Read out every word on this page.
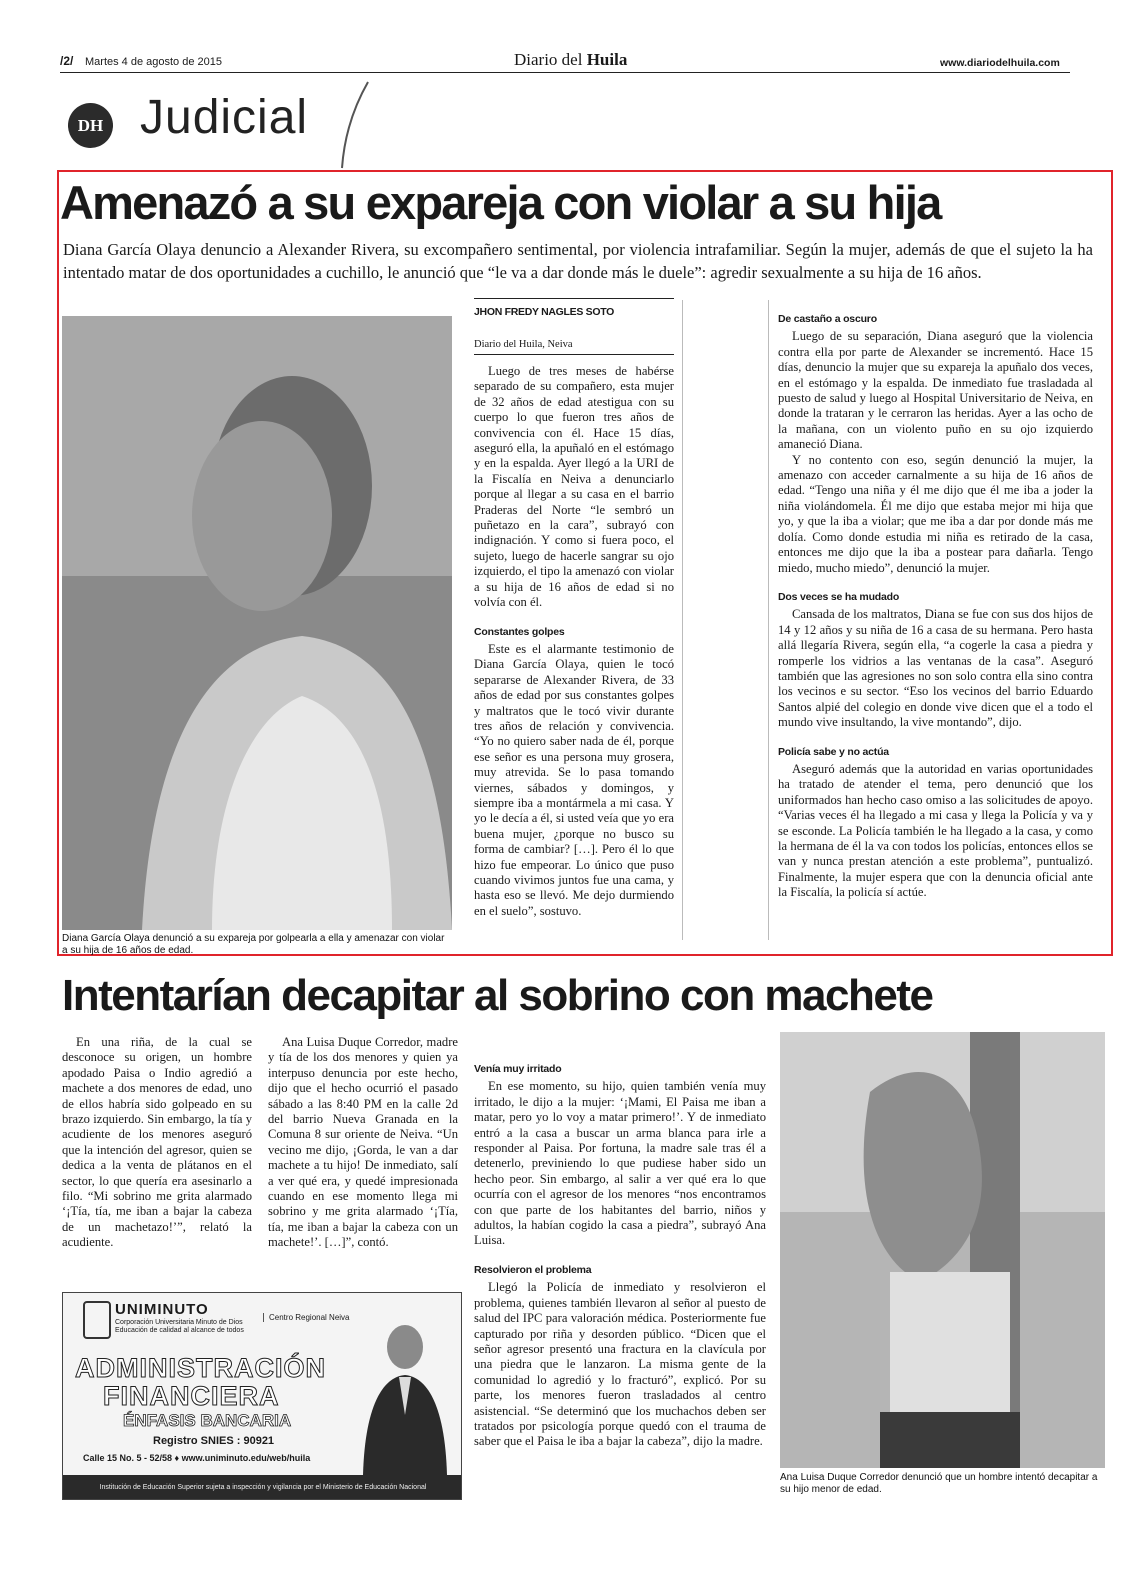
/2/ Martes 4 de agosto de 2015	Diario del Huila	www.diariodelhuila.com
DH Judicial
Amenazó a su expareja con violar a su hija
Diana García Olaya denuncio a Alexander Rivera, su excompañero sentimental, por violencia intrafamiliar. Según la mujer, además de que el sujeto la ha intentado matar de dos oportunidades a cuchillo, le anunció que “le va a dar donde más le duele”: agredir sexualmente a su hija de 16 años.
Diana García Olaya denunció a su expareja por golpearla a ella y amenazar con violar a su hija de 16 años de edad.
JHON FREDY NAGLES SOTO
Diario del Huila, Neiva

Luego de tres meses de habérse separado de su compañero, esta mujer de 32 años de edad atestigua con su cuerpo lo que fueron tres años de convivencia con él. Hace 15 días, aseguró ella, la apuñaló en el estómago y en la espalda. Ayer llegó a la URI de la Fiscalía en Neiva a denunciarlo porque al llegar a su casa en el barrio Praderas del Norte “le sembró un puñetazo en la cara”, subrayó con indignación. Y como si fuera poco, el sujeto, luego de hacerle sangrar su ojo izquierdo, el tipo la amenazó con violar a su hija de 16 años de edad si no volvía con él.

Constantes golpes

Este es el alarmante testimonio de Diana García Olaya, quien le tocó separarse de Alexander Rivera, de 33 años de edad por sus constantes golpes y maltratos que le tocó vivir durante tres años de relación y convivencia. “Yo no quiero saber nada de él, porque ese señor es una persona muy grosera, muy atrevida. Se lo pasa tomando viernes, sábados y domingos, y siempre iba a montármela a mi casa. Y yo le decía a él, si usted veía que yo era buena mujer, ¿porque no busco su forma de cambiar? […]. Pero él lo que hizo fue empeorar. Lo único que puso cuando vivimos juntos fue una cama, y hasta eso se llevó. Me dejo durmiendo en el suelo”, sostuvo.

De castaño a oscuro

Luego de su separación, Diana aseguró que la violencia contra ella por parte de Alexander se incrementó. Hace 15 días, denuncio la mujer que su expareja la apuñalo dos veces, en el estómago y la espalda. De inmediato fue trasladada al puesto de salud y luego al Hospital Universitario de Neiva, en donde la trataran y le cerraron las heridas. Ayer a las ocho de la mañana, con un violento puño en su ojo izquierdo amaneció Diana.

Y no contento con eso, según denunció la mujer, la amenazo con acceder carnalmente a su hija de 16 años de edad. “Tengo una niña y él me dijo que él me iba a joder la niña violándomela. Él me dijo que estaba mejor mi hija que yo, y que la iba a violar; que me iba a dar por donde más me dolía. Como donde estudia mi niña es retirado de la casa, entonces me dijo que la iba a postear para dañarla. Tengo miedo, mucho miedo”, denunció la mujer.

Dos veces se ha mudado

Cansada de los maltratos, Diana se fue con sus dos hijos de 14 y 12 años y su niña de 16 a casa de su hermana. Pero hasta allá llegaría Rivera, según ella, “a cogerle la casa a piedra y romperle los vidrios a las ventanas de la casa”. Aseguró también que las agresiones no son solo contra ella sino contra los vecinos e su sector. “Eso los vecinos del barrio Eduardo Santos alpié del colegio en donde vive dicen que el a todo el mundo vive insultando, la vive montando”, dijo.

Policía sabe y no actúa

Aseguró además que la autoridad en varias oportunidades ha tratado de atender el tema, pero denunció que los uniformados han hecho caso omiso a las solicitudes de apoyo. “Varias veces él ha llegado a mi casa y llega la Policía y va y se esconde. La Policía también le ha llegado a la casa, y como la hermana de él la va con todos los policías, entonces ellos se van y nunca prestan atención a este problema”, puntualizó. Finalmente, la mujer espera que con la denuncia oficial ante la Fiscalía, la policía sí actúe.

Intentarían decapitar al sobrino con machete

En una riña, de la cual se desconoce su origen, un hombre apodado Paisa o Indio agredió a machete a dos menores de edad, uno de ellos habría sido golpeado en su brazo izquierdo. Sin embargo, la tía y acudiente de los menores aseguró que la intención del agresor, quien se dedica a la venta de plátanos en el sector, lo que quería era asesinarlo a filo. “Mi sobrino me grita alarmado ‘¡Tía, tía, me iban a bajar la cabeza de un machetazo!’”, relató la acudiente.

Ana Luisa Duque Corredor, madre y tía de los dos menores y quien ya interpuso denuncia por este hecho, dijo que el hecho ocurrió el pasado sábado a las 8:40 PM en la calle 2d del barrio Nueva Granada en la Comuna 8 sur oriente de Neiva. “Un vecino me dijo, ¡Gorda, le van a dar machete a tu hijo! De inmediato, salí a ver qué era, y quedé impresionada cuando en ese momento llega mi sobrino y me grita alarmado ‘¡Tía, tía, me iban a bajar la cabeza con un machete!’. […]”, contó.

Venía muy irritado

En ese momento, su hijo, quien también venía muy irritado, le dijo a la mujer: ‘¡Mami, El Paisa me iban a matar, pero yo lo voy a matar primero!’. Y de inmediato entró a la casa a buscar un arma blanca para irle a responder al Paisa. Por fortuna, la madre sale tras él a detenerlo, previniendo lo que pudiese haber sido un hecho peor. Sin embargo, al salir a ver qué era lo que ocurría con el agresor de los menores “nos encontramos con que parte de los habitantes del barrio, niños y adultos, la habían cogido la casa a piedra”, subrayó Ana Luisa.

Resolvieron el problema

Llegó la Policía de inmediato y resolvieron el problema, quienes también llevaron al señor al puesto de salud del IPC para valoración médica. Posteriormente fue capturado por riña y desorden público. “Dicen que el señor agresor presentó una fractura en la clavícula por una piedra que le lanzaron. La misma gente de la comunidad lo agredió y lo fracturó”, explicó. Por su parte, los menores fueron trasladados al centro asistencial. “Se determinó que los muchachos deben ser tratados por psicología porque quedó con el trauma de saber que el Paisa le iba a bajar la cabeza”, dijo la madre.

Ana Luisa Duque Corredor denunció que un hombre intentó decapitar a su hijo menor de edad.
UNIMINUTO
Corporación Universitaria Minuto de Dios
Educación de calidad al alcance de todos
Centro Regional Neiva
ADMINISTRACIÓN
FINANCIERA
ÉNFASIS BANCARIA
Registro SNIES : 90921
Calle 15 No. 5 - 52/58 ♦ www.uniminuto.edu/web/huila
Institución de Educación Superior sujeta a inspección y vigilancia por el Ministerio de Educación Nacional
